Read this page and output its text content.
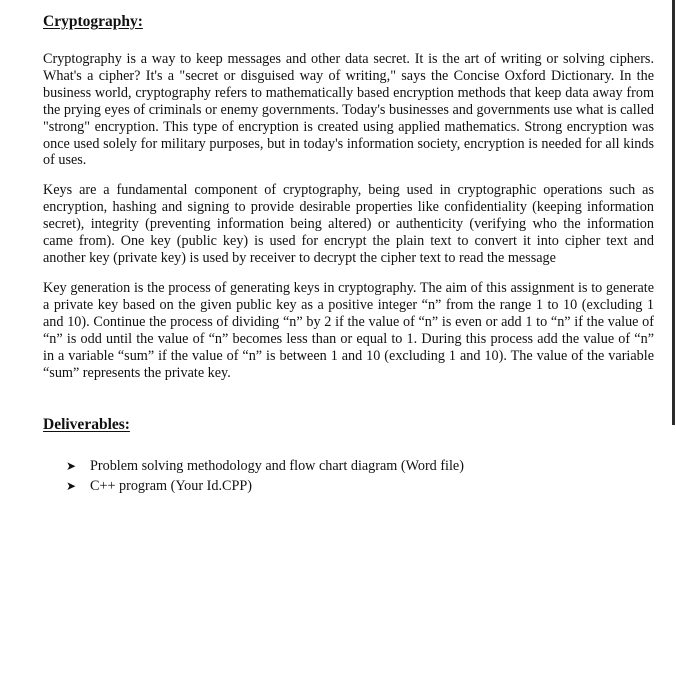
Cryptography:

Cryptography is a way to keep messages and other data secret. It is the art of writing or solving ciphers. What's a cipher? It's a "secret or disguised way of writing," says the Concise Oxford Dictionary. In the business world, cryptography refers to mathematically based encryption methods that keep data away from the prying eyes of criminals or enemy governments. Today's businesses and governments use what is called "strong" encryption. This type of encryption is created using applied mathematics. Strong encryption was once used solely for military purposes, but in today's information society, encryption is needed for all kinds of uses.

Keys are a fundamental component of cryptography, being used in cryptographic operations such as encryption, hashing and signing to provide desirable properties like confidentiality (keeping information secret), integrity (preventing information being altered) or authenticity (verifying who the information came from). One key (public key) is used for encrypt the plain text to convert it into cipher text and another key (private key) is used by receiver to decrypt the cipher text to read the message

Key generation is the process of generating keys in cryptography. The aim of this assignment is to generate a private key based on the given public key as a positive integer “n” from the range 1 to 10 (excluding 1 and 10). Continue the process of dividing “n” by 2 if the value of “n” is even or add 1 to “n” if the value of “n” is odd until the value of “n” becomes less than or equal to 1. During this process add the value of “n” in a variable “sum” if the value of “n” is between 1 and 10 (excluding 1 and 10). The value of the variable “sum” represents the private key.

Deliverables:
➤ Problem solving methodology and flow chart diagram (Word file)
➤ C++ program (Your Id.CPP)
